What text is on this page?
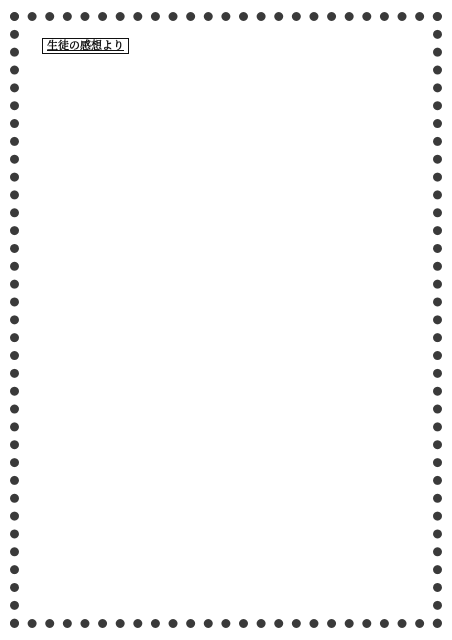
生徒の感想より
